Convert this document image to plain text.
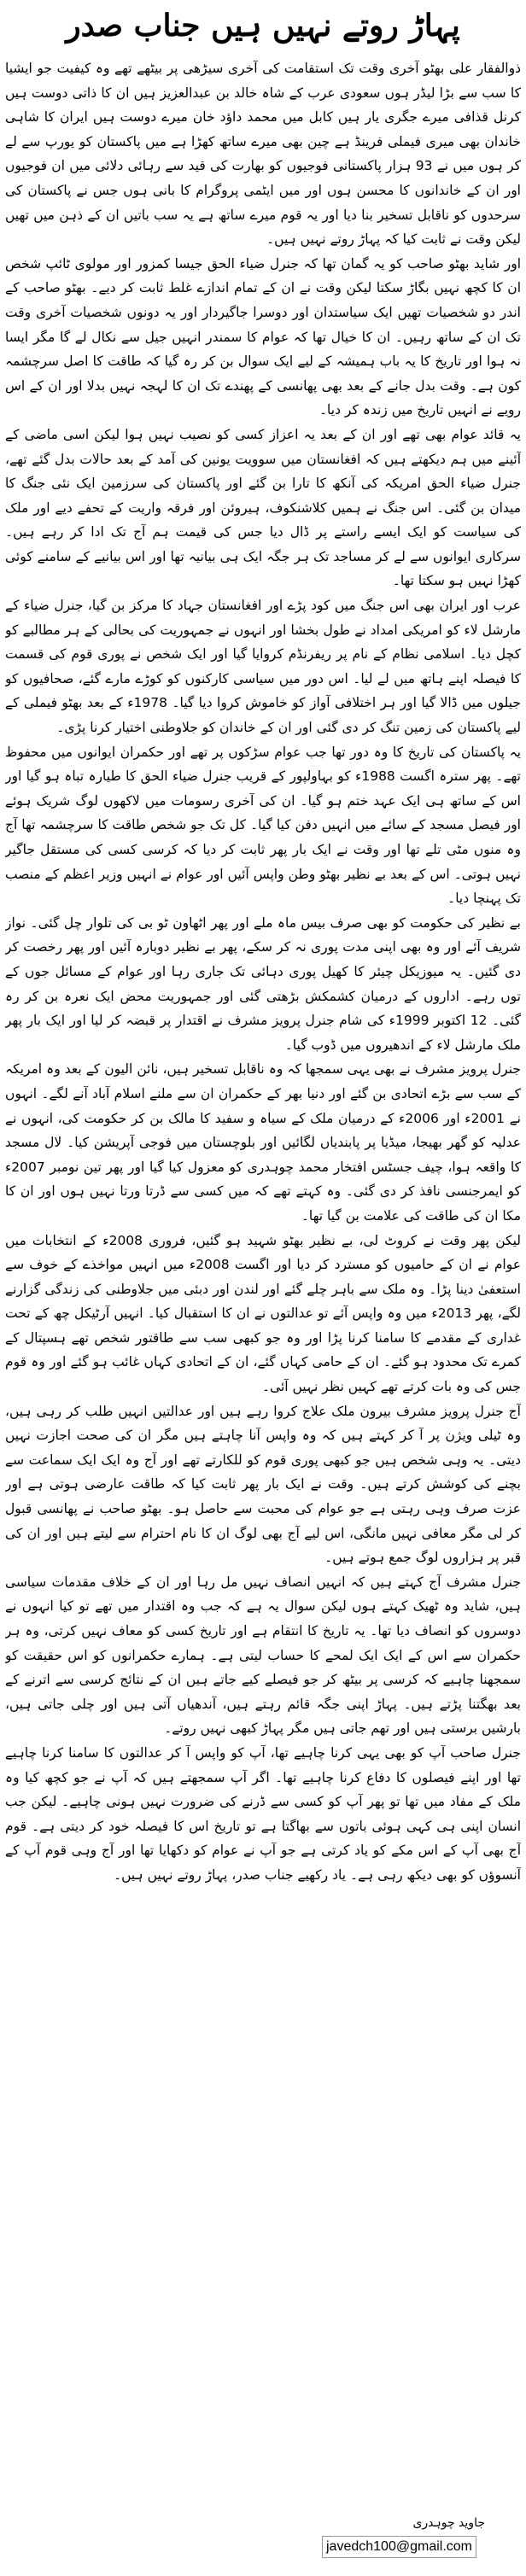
پہاڑ روتے نہیں ہیں جناب صدر

ذوالفقار علی بھٹو آخری وقت تک استقامت کی آخری سیڑھی پر بیٹھے تھے وہ کیفیت جو ایشیا کا سب سے بڑا لیڈر ہوں سعودی عرب کے شاہ خالد بن عبدالعزیز ہیں ان کا ذاتی دوست ہیں کرنل قذافی میرے جگری یار ہیں کابل میں محمد داؤد خان میرے دوست ہیں ایران کا شاہی خاندان بھی میری فیملی فرینڈ ہے چین بھی میرے ساتھ کھڑا ہے میں پاکستان کو یورپ سے لے کر ہوں میں نے 93 ہزار پاکستانی فوجیوں کو بھارت کی قید سے رہائی دلائی میں ان فوجیوں اور ان کے خاندانوں کا محسن ہوں اور میں ایٹمی پروگرام کا بانی ہوں جس نے پاکستان کی سرحدوں کو ناقابل تسخیر بنا دیا اور یہ قوم میرے ساتھ ہے یہ سب باتیں ان کے ذہن میں تھیں لیکن وقت نے ثابت کیا کہ پہاڑ روتے نہیں ہیں۔

اور شاید بھٹو صاحب کو یہ گمان تھا کہ جنرل ضیاء الحق جیسا کمزور اور مولوی ٹائپ شخص ان کا کچھ نہیں بگاڑ سکتا لیکن وقت نے ان کے تمام اندازے غلط ثابت کر دیے۔ بھٹو صاحب کے اندر دو شخصیات تھیں ایک سیاستدان اور دوسرا جاگیردار اور یہ دونوں شخصیات آخری وقت تک ان کے ساتھ رہیں۔ ان کا خیال تھا کہ عوام کا سمندر انہیں جیل سے نکال لے گا مگر ایسا نہ ہوا اور تاریخ کا یہ باب ہمیشہ کے لیے ایک سوال بن کر رہ گیا کہ طاقت کا اصل سرچشمہ کون ہے۔ وقت بدل جانے کے بعد بھی پھانسی کے پھندے تک ان کا لہجہ نہیں بدلا اور ان کے اس رویے نے انہیں تاریخ میں زندہ کر دیا۔

یہ قائد عوام بھی تھے اور ان کے بعد یہ اعزاز کسی کو نصیب نہیں ہوا لیکن اسی ماضی کے آئینے میں ہم دیکھتے ہیں کہ افغانستان میں سوویت یونین کی آمد کے بعد حالات بدل گئے تھے، جنرل ضیاء الحق امریکہ کی آنکھ کا تارا بن گئے اور پاکستان کی سرزمین ایک نئی جنگ کا میدان بن گئی۔ اس جنگ نے ہمیں کلاشنکوف، ہیروئن اور فرقہ واریت کے تحفے دیے اور ملک کی سیاست کو ایک ایسے راستے پر ڈال دیا جس کی قیمت ہم آج تک ادا کر رہے ہیں۔ سرکاری ایوانوں سے لے کر مساجد تک ہر جگہ ایک ہی بیانیہ تھا اور اس بیانیے کے سامنے کوئی کھڑا نہیں ہو سکتا تھا۔

عرب اور ایران بھی اس جنگ میں کود پڑے اور افغانستان جہاد کا مرکز بن گیا، جنرل ضیاء کے مارشل لاء کو امریکی امداد نے طول بخشا اور انہوں نے جمہوریت کی بحالی کے ہر مطالبے کو کچل دیا۔ اسلامی نظام کے نام پر ریفرنڈم کروایا گیا اور ایک شخص نے پوری قوم کی قسمت کا فیصلہ اپنے ہاتھ میں لے لیا۔ اس دور میں سیاسی کارکنوں کو کوڑے مارے گئے، صحافیوں کو جیلوں میں ڈالا گیا اور ہر اختلافی آواز کو خاموش کروا دیا گیا۔ 1978ء کے بعد بھٹو فیملی کے لیے پاکستان کی زمین تنگ کر دی گئی اور ان کے خاندان کو جلاوطنی اختیار کرنا پڑی۔

یہ پاکستان کی تاریخ کا وہ دور تھا جب عوام سڑکوں پر تھے اور حکمران ایوانوں میں محفوظ تھے۔ پھر سترہ اگست 1988ء کو بہاولپور کے قریب جنرل ضیاء الحق کا طیارہ تباہ ہو گیا اور اس کے ساتھ ہی ایک عہد ختم ہو گیا۔ ان کی آخری رسومات میں لاکھوں لوگ شریک ہوئے اور فیصل مسجد کے سائے میں انہیں دفن کیا گیا۔ کل تک جو شخص طاقت کا سرچشمہ تھا آج وہ منوں مٹی تلے تھا اور وقت نے ایک بار پھر ثابت کر دیا کہ کرسی کسی کی مستقل جاگیر نہیں ہوتی۔ اس کے بعد بے نظیر بھٹو وطن واپس آئیں اور عوام نے انہیں وزیر اعظم کے منصب تک پہنچا دیا۔

بے نظیر کی حکومت کو بھی صرف بیس ماہ ملے اور پھر اٹھاون ٹو بی کی تلوار چل گئی۔ نواز شریف آئے اور وہ بھی اپنی مدت پوری نہ کر سکے، پھر بے نظیر دوبارہ آئیں اور پھر رخصت کر دی گئیں۔ یہ میوزیکل چیئر کا کھیل پوری دہائی تک جاری رہا اور عوام کے مسائل جوں کے توں رہے۔ اداروں کے درمیان کشمکش بڑھتی گئی اور جمہوریت محض ایک نعرہ بن کر رہ گئی۔ 12 اکتوبر 1999ء کی شام جنرل پرویز مشرف نے اقتدار پر قبضہ کر لیا اور ایک بار پھر ملک مارشل لاء کے اندھیروں میں ڈوب گیا۔

جنرل پرویز مشرف نے بھی یہی سمجھا کہ وہ ناقابل تسخیر ہیں، نائن الیون کے بعد وہ امریکہ کے سب سے بڑے اتحادی بن گئے اور دنیا بھر کے حکمران ان سے ملنے اسلام آباد آنے لگے۔ انہوں نے 2001ء اور 2006ء کے درمیان ملک کے سیاہ و سفید کا مالک بن کر حکومت کی، انہوں نے عدلیہ کو گھر بھیجا، میڈیا پر پابندیاں لگائیں اور بلوچستان میں فوجی آپریشن کیا۔ لال مسجد کا واقعہ ہوا، چیف جسٹس افتخار محمد چوہدری کو معزول کیا گیا اور پھر تین نومبر 2007ء کو ایمرجنسی نافذ کر دی گئی۔ وہ کہتے تھے کہ میں کسی سے ڈرتا ورتا نہیں ہوں اور ان کا مکا ان کی طاقت کی علامت بن گیا تھا۔

لیکن پھر وقت نے کروٹ لی، بے نظیر بھٹو شہید ہو گئیں، فروری 2008ء کے انتخابات میں عوام نے ان کے حامیوں کو مسترد کر دیا اور اگست 2008ء میں انہیں مواخذے کے خوف سے استعفیٰ دینا پڑا۔ وہ ملک سے باہر چلے گئے اور لندن اور دبئی میں جلاوطنی کی زندگی گزارنے لگے، پھر 2013ء میں وہ واپس آئے تو عدالتوں نے ان کا استقبال کیا۔ انہیں آرٹیکل چھ کے تحت غداری کے مقدمے کا سامنا کرنا پڑا اور وہ جو کبھی سب سے طاقتور شخص تھے ہسپتال کے کمرے تک محدود ہو گئے۔ ان کے حامی کہاں گئے، ان کے اتحادی کہاں غائب ہو گئے اور وہ قوم جس کی وہ بات کرتے تھے کہیں نظر نہیں آئی۔

آج جنرل پرویز مشرف بیرون ملک علاج کروا رہے ہیں اور عدالتیں انہیں طلب کر رہی ہیں، وہ ٹیلی ویژن پر آ کر کہتے ہیں کہ وہ واپس آنا چاہتے ہیں مگر ان کی صحت اجازت نہیں دیتی۔ یہ وہی شخص ہیں جو کبھی پوری قوم کو للکارتے تھے اور آج وہ ایک ایک سماعت سے بچنے کی کوشش کرتے ہیں۔ وقت نے ایک بار پھر ثابت کیا کہ طاقت عارضی ہوتی ہے اور عزت صرف وہی رہتی ہے جو عوام کی محبت سے حاصل ہو۔ بھٹو صاحب نے پھانسی قبول کر لی مگر معافی نہیں مانگی، اس لیے آج بھی لوگ ان کا نام احترام سے لیتے ہیں اور ان کی قبر پر ہزاروں لوگ جمع ہوتے ہیں۔

جنرل مشرف آج کہتے ہیں کہ انہیں انصاف نہیں مل رہا اور ان کے خلاف مقدمات سیاسی ہیں، شاید وہ ٹھیک کہتے ہوں لیکن سوال یہ ہے کہ جب وہ اقتدار میں تھے تو کیا انہوں نے دوسروں کو انصاف دیا تھا۔ یہ تاریخ کا انتقام ہے اور تاریخ کسی کو معاف نہیں کرتی، وہ ہر حکمران سے اس کے ایک ایک لمحے کا حساب لیتی ہے۔ ہمارے حکمرانوں کو اس حقیقت کو سمجھنا چاہیے کہ کرسی پر بیٹھ کر جو فیصلے کیے جاتے ہیں ان کے نتائج کرسی سے اترنے کے بعد بھگتنا پڑتے ہیں۔ پہاڑ اپنی جگہ قائم رہتے ہیں، آندھیاں آتی ہیں اور چلی جاتی ہیں، بارشیں برستی ہیں اور تھم جاتی ہیں مگر پہاڑ کبھی نہیں روتے۔

جنرل صاحب آپ کو بھی یہی کرنا چاہیے تھا، آپ کو واپس آ کر عدالتوں کا سامنا کرنا چاہیے تھا اور اپنے فیصلوں کا دفاع کرنا چاہیے تھا۔ اگر آپ سمجھتے ہیں کہ آپ نے جو کچھ کیا وہ ملک کے مفاد میں تھا تو پھر آپ کو کسی سے ڈرنے کی ضرورت نہیں ہونی چاہیے۔ لیکن جب انسان اپنی ہی کہی ہوئی باتوں سے بھاگتا ہے تو تاریخ اس کا فیصلہ خود کر دیتی ہے۔ قوم آج بھی آپ کے اس مکے کو یاد کرتی ہے جو آپ نے عوام کو دکھایا تھا اور آج وہی قوم آپ کے آنسوؤں کو بھی دیکھ رہی ہے۔ یاد رکھیے جناب صدر، پہاڑ روتے نہیں ہیں۔

جاوید چوہدری
javedch100@gmail.com
